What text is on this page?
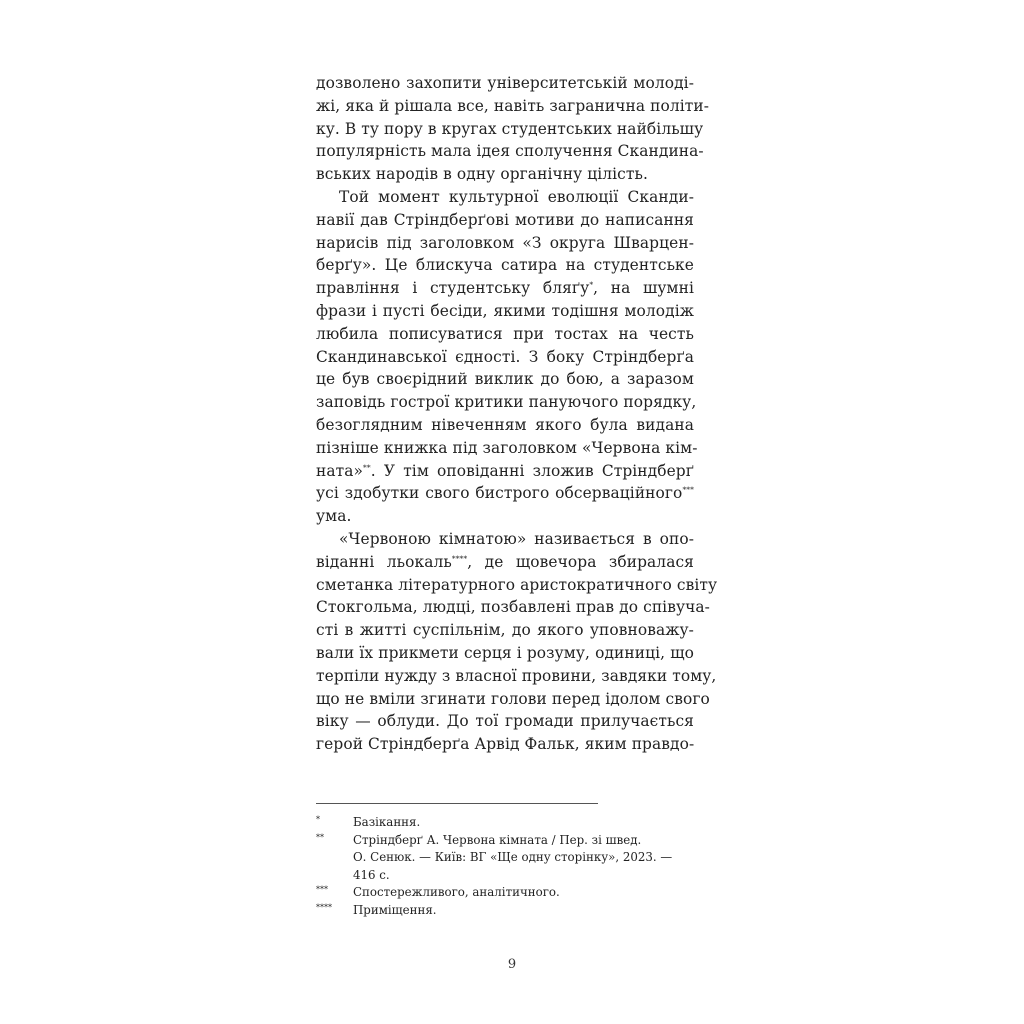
дозволено захопити університетській молоді-
жі, яка й рішала все, навіть загранична політи-
ку. В ту пору в кругах студентських найбільшу
популярність мала ідея сполучення Скандина-
вських народів в одну органічну цілість.
Той момент культурної еволюції Сканди-
навії дав Стріндберґові мотиви до написання
нарисів під заголовком «З округа Шварцен-
берґу». Це блискуча сатира на студентське
правління і студентську бляґу*, на шумні
фрази і пусті бесіди, якими тодішня молодіж
любила пописуватися при тостах на честь
Скандинавської єдності. З боку Стріндберґа
це був своєрідний виклик до бою, а заразом
заповідь гострої критики пануючого порядку,
безоглядним нівеченням якого була видана
пізніше книжка під заголовком «Червона кім-
ната»**. У тім оповіданні зложив Стріндберґ
усі здобутки свого бистрого обсерваційного***
ума.
«Червоною кімнатою» називається в опо-
віданні льокаль****, де щовечора збиралася
сметанка літературного аристократичного світу
Стокгольма, людці, позбавлені прав до співуча-
сті в житті суспільнім, до якого уповноважу-
вали їх прикмети серця і розуму, одиниці, що
терпіли нужду з власної провини, завдяки тому,
що не вміли згинати голови перед ідолом свого
віку — облуди. До тої громади прилучається
герой Стріндберґа Арвід Фальк, яким правдо-
*	Базікання.
**	Стріндберґ А. Червона кімната / Пер. зі швед.
О. Сенюк. — Київ: ВГ «Ще одну сторінку», 2023. —
416 с.
***	Спостережливого, аналітичного.
****	Приміщення.
9
